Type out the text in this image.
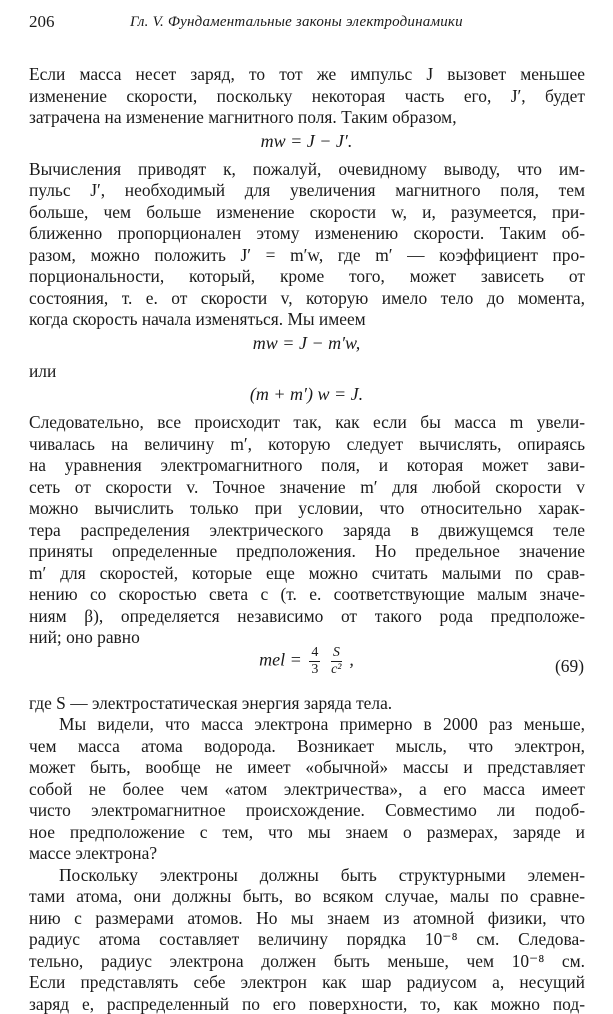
206	Гл. V. Фундаментальные законы электродинамики
Если масса несет заряд, то тот же импульс J вызовет меньшее
изменение скорости, поскольку некоторая часть его, J′, будет
затрачена на изменение магнитного поля. Таким образом,
mw = J − J′.
Вычисления приводят к, пожалуй, очевидному выводу, что им-
пульс J′, необходимый для увеличения магнитного поля, тем
больше, чем больше изменение скорости w, и, разумеется, при-
ближенно пропорционален этому изменению скорости. Таким об-
разом, можно положить J′ = m′w, где m′ — коэффициент про-
порциональности, который, кроме того, может зависеть от
состояния, т. е. от скорости v, которую имело тело до момента,
когда скорость начала изменяться. Мы имеем
mw = J − m′w,
или
(m + m′) w = J.
Следовательно, все происходит так, как если бы масса m увели-
чивалась на величину m′, которую следует вычислять, опираясь
на уравнения электромагнитного поля, и которая может зави-
сеть от скорости v. Точное значение m′ для любой скорости v
можно вычислить только при условии, что относительно харак-
тера распределения электрического заряда в движущемся теле
приняты определенные предположения. Но предельное значение
m′ для скоростей, которые еще можно считать малыми по срав-
нению со скоростью света c (т. е. соответствующие малым значе-
ниям β), определяется независимо от такого рода предположе-
ний; оно равно
mel = $\frac{4}{3}$
$\frac{S}{\text{c²}}$ ,	(69)
где S — электростатическая энергия заряда тела.
Мы видели, что масса электрона примерно в 2000 раз меньше,
чем масса атома водорода. Возникает мысль, что электрон,
может быть, вообще не имеет «обычной» массы и представляет
собой не более чем «атом электричества», а его масса имеет
чисто электромагнитное происхождение. Совместимо ли подоб-
ное предположение с тем, что мы знаем о размерах, заряде и
массе электрона?
Поскольку электроны должны быть структурными элемен-
тами атома, они должны быть, во всяком случае, малы по сравне-
нию с размерами атомов. Но мы знаем из атомной физики, что
радиус атома составляет величину порядка 10⁻⁸ см. Следова-
тельно, радиус электрона должен быть меньше, чем 10⁻⁸ см.
Если представлять себе электрон как шар радиусом a, несущий
заряд e, распределенный по его поверхности, то, как можно под-
